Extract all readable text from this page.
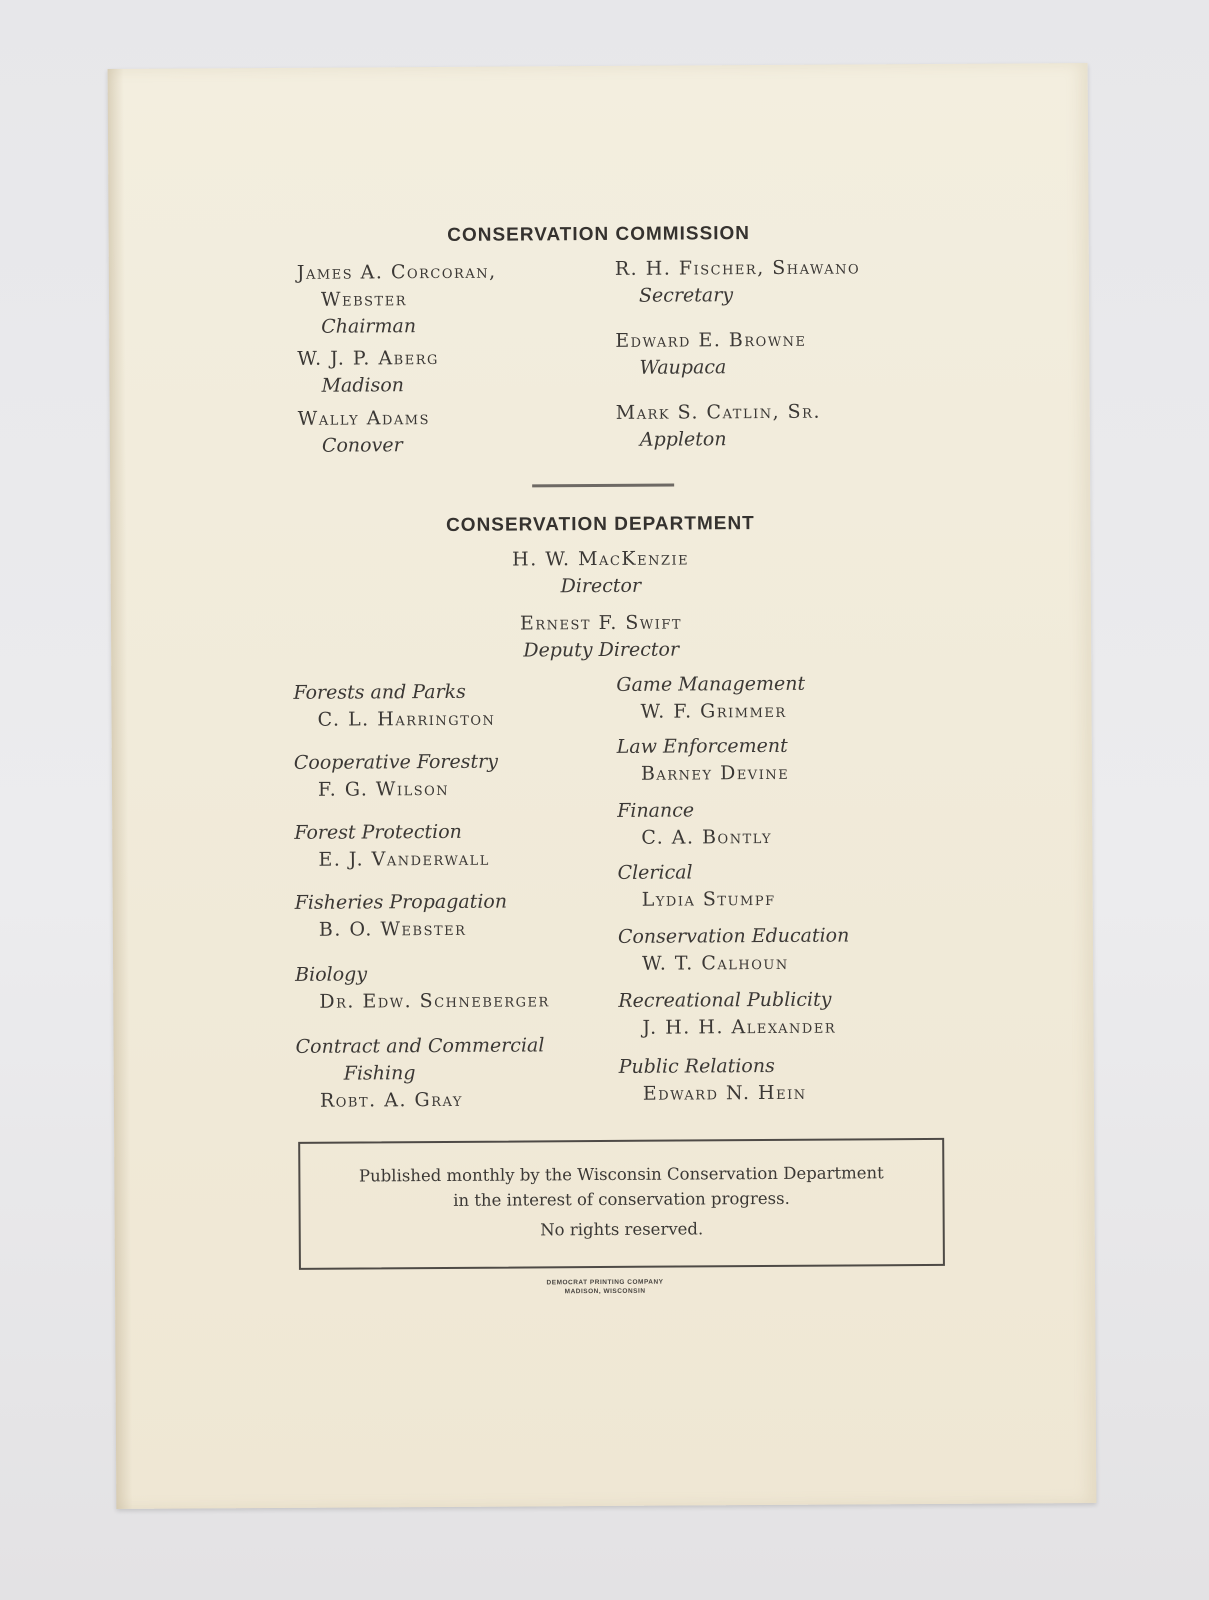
CONSERVATION COMMISSION
James A. Corcoran,
Webster
Chairman
W. J. P. Aberg
Madison
Wally Adams
Conover
R. H. Fischer, Shawano
Secretary
Edward E. Browne
Waupaca
Mark S. Catlin, Sr.
Appleton
CONSERVATION DEPARTMENT
H. W. MacKenzie
Director
Ernest F. Swift
Deputy Director
Forests and Parks
C. L. Harrington
Cooperative Forestry
F. G. Wilson
Forest Protection
E. J. Vanderwall
Fisheries Propagation
B. O. Webster
Biology
Dr. Edw. Schneberger
Contract and Commercial
Fishing
Robt. A. Gray
Game Management
W. F. Grimmer
Law Enforcement
Barney Devine
Finance
C. A. Bontly
Clerical
Lydia Stumpf
Conservation Education
W. T. Calhoun
Recreational Publicity
J. H. H. Alexander
Public Relations
Edward N. Hein
Published monthly by the Wisconsin Conservation Department
in the interest of conservation progress.
No rights reserved.
DEMOCRAT PRINTING COMPANY
MADISON, WISCONSIN
